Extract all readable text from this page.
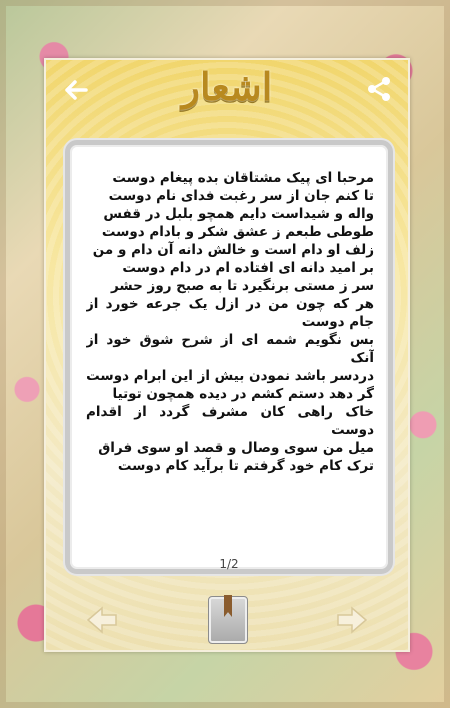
اشعار

مرحبا ای پیک مشتاقان بده پیغام دوست

تا کنم جان از سر رغبت فدای نام دوست

واله و شیداست دایم همچو بلبل در قفس

طوطی طبعم ز عشق شکر و بادام دوست

زلف او دام است و خالش دانه آن دام و من

بر امید دانه ای افتاده ام در دام دوست

سر ز مستی برنگیرد تا به صبح روز حشر

هر که چون من در ازل یک جرعه خورد از جام دوست

بس نگویم شمه ای از شرح شوق خود از آنک

دردسر باشد نمودن بیش از این ابرام دوست

گر دهد دستم کشم در دیده همچون توتیا

خاک راهی کان مشرف گردد از اقدام دوست

میل من سوی وصال و قصد او سوی فراق

ترک کام خود گرفتم تا برآید کام دوست

1/2
